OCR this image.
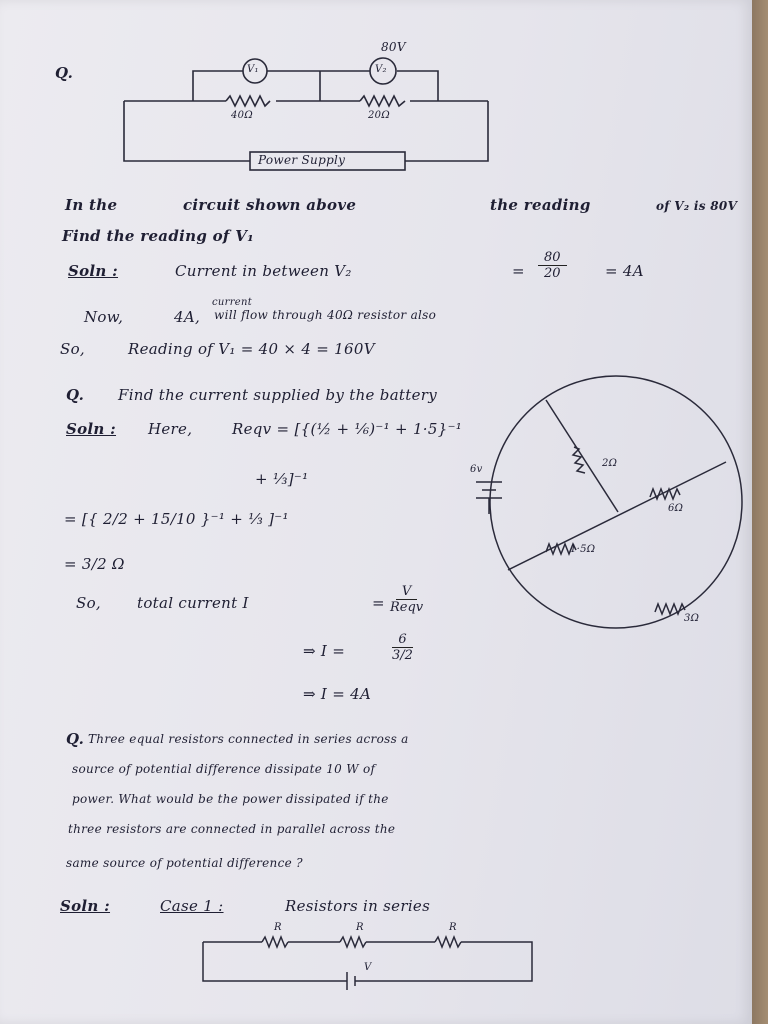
Q.
80V
V₁	V₂
40Ω	20Ω
Power Supply
In the	circuit shown above	the reading	of V₂ is 80V
Find the reading of V₁
Soln :	Current in between V₂	= $\frac{80}{20}$	= 4A
Now,	4A,
current
will flow through 40Ω resistor also
So,	Reading of V₁ = 40 × 4 = 160V
Q. Find the current supplied by the battery
Soln : Here,	Reqv = [{(½ + ⅙)⁻¹ + 1·5}⁻¹
+ ⅓]⁻¹
= [{ 2/2 + 15/10 }⁻¹ + ⅓ ]⁻¹
= 3/2 Ω
So, total current I	=
V
Reqv
⇒ I =	$\frac{6}{3/2}$
⇒ I = 4A
6v
2Ω
6Ω
1·5Ω
3Ω
Q. Three equal resistors connected in series across a
source of potential difference dissipate 10 W of
power. What would be the power dissipated if the
three resistors are connected in parallel across the
same source of potential difference ?
Soln :	Case 1 :	Resistors in series
R	R	R
V
